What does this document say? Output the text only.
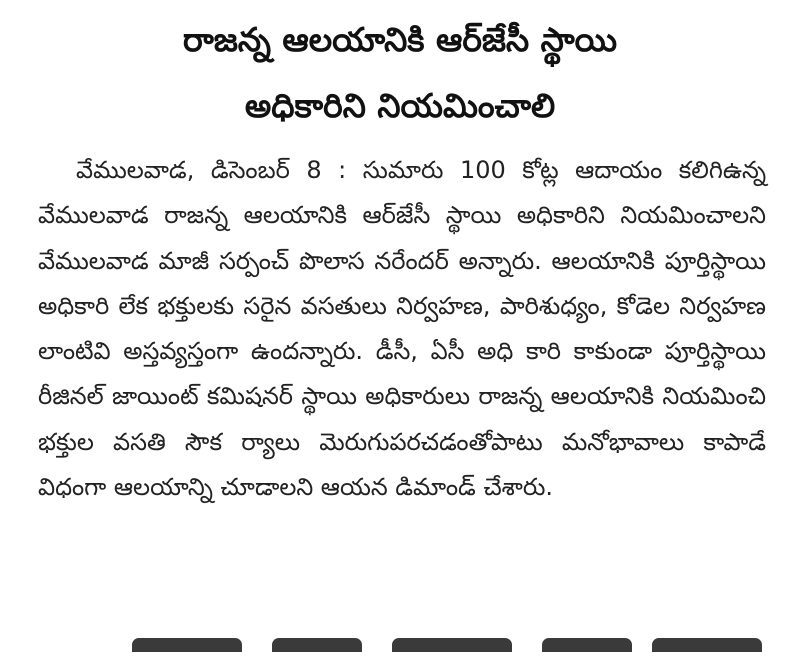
రాజన్న ఆలయానికి ఆర్‌జేసీ స్థాయి
అధికారిని నియమించాలి

వేములవాడ, డిసెంబర్ 8 : సుమారు 100 కోట్ల ఆదాయం కలిగిఉన్న వేములవాడ రాజన్న ఆలయానికి ఆర్‌జేసీ స్థాయి అధికారిని నియమించాలని వేములవాడ మాజీ సర్పంచ్ పొలాస నరేందర్ అన్నారు. ఆలయానికి పూర్తిస్థాయి అధికారి లేక భక్తులకు సరైన వసతులు నిర్వహణ, పారిశుధ్యం, కోడెల నిర్వహణ లాంటివి అస్తవ్యస్తంగా ఉందన్నారు. డీసీ, ఏసీ అధి కారి కాకుండా పూర్తిస్థాయి రీజినల్ జాయింట్ కమిషనర్ స్థాయి అధికారులు రాజన్న ఆలయానికి నియమించి భక్తుల వసతి సౌక ర్యాలు మెరుగుపరచడంతోపాటు మనోభావాలు కాపాడే విధంగా ఆలయాన్ని చూడాలని ఆయన డిమాండ్ చేశారు.
